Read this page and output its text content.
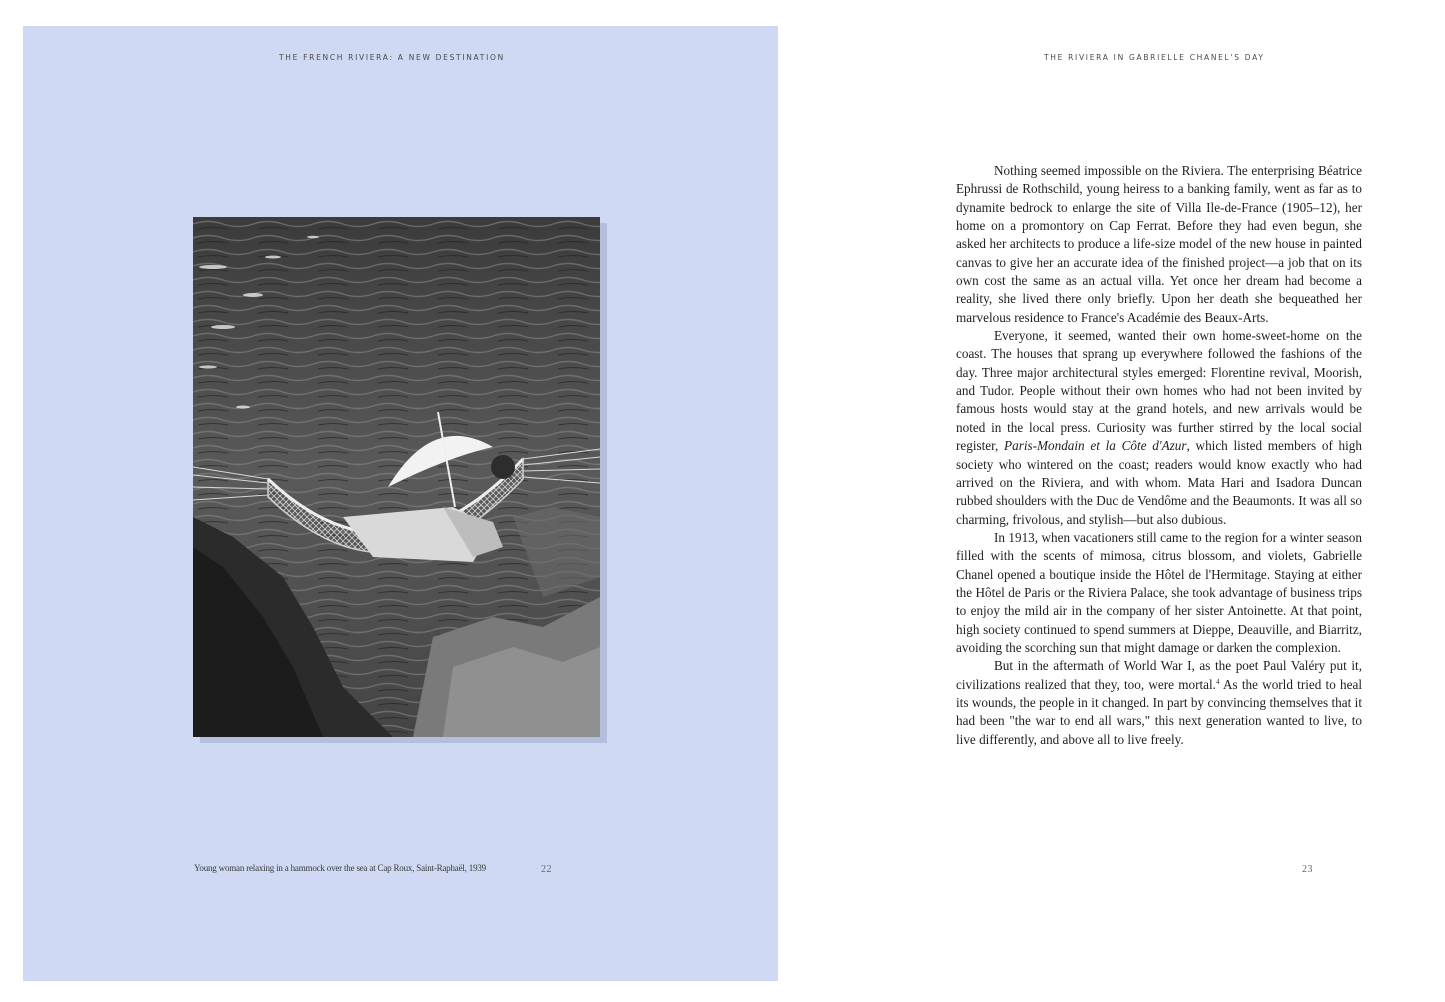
THE FRENCH RIVIERA: A NEW DESTINATION
Young woman relaxing in a hammock over the sea at Cap Roux, Saint-Raphaël, 1939	22
THE RIVIERA IN GABRIELLE CHANEL'S DAY

Nothing seemed impossible on the Riviera. The enterprising Béatrice Ephrussi de Rothschild, young heiress to a banking family, went as far as to dynamite bedrock to enlarge the site of Villa Ile-de-France (1905–12), her home on a promontory on Cap Ferrat. Before they had even begun, she asked her architects to produce a life-size model of the new house in painted canvas to give her an accurate idea of the finished project—a job that on its own cost the same as an actual villa. Yet once her dream had become a reality, she lived there only briefly. Upon her death she bequeathed her marvelous residence to France's Académie des Beaux-Arts.

Everyone, it seemed, wanted their own home-sweet-home on the coast. The houses that sprang up everywhere followed the fashions of the day. Three major architectural styles emerged: Florentine revival, Moorish, and Tudor. People without their own homes who had not been invited by famous hosts would stay at the grand hotels, and new arrivals would be noted in the local press. Curiosity was further stirred by the local social register, Paris-Mondain et la Côte d'Azur, which listed members of high society who wintered on the coast; readers would know exactly who had arrived on the Riviera, and with whom. Mata Hari and Isadora Duncan rubbed shoulders with the Duc de Vendôme and the Beaumonts. It was all so charming, frivolous, and stylish—but also dubious.

In 1913, when vacationers still came to the region for a winter season filled with the scents of mimosa, citrus blossom, and violets, Gabrielle Chanel opened a boutique inside the Hôtel de l'Hermitage. Staying at either the Hôtel de Paris or the Riviera Palace, she took advantage of business trips to enjoy the mild air in the company of her sister Antoinette. At that point, high society continued to spend summers at Dieppe, Deauville, and Biarritz, avoiding the scorching sun that might damage or darken the complexion.

But in the aftermath of World War I, as the poet Paul Valéry put it, civilizations realized that they, too, were mortal.$^4$ As the world tried to heal its wounds, the people in it changed. In part by convincing themselves that it had been "the war to end all wars," this next generation wanted to live, to live differently, and above all to live freely.

23
